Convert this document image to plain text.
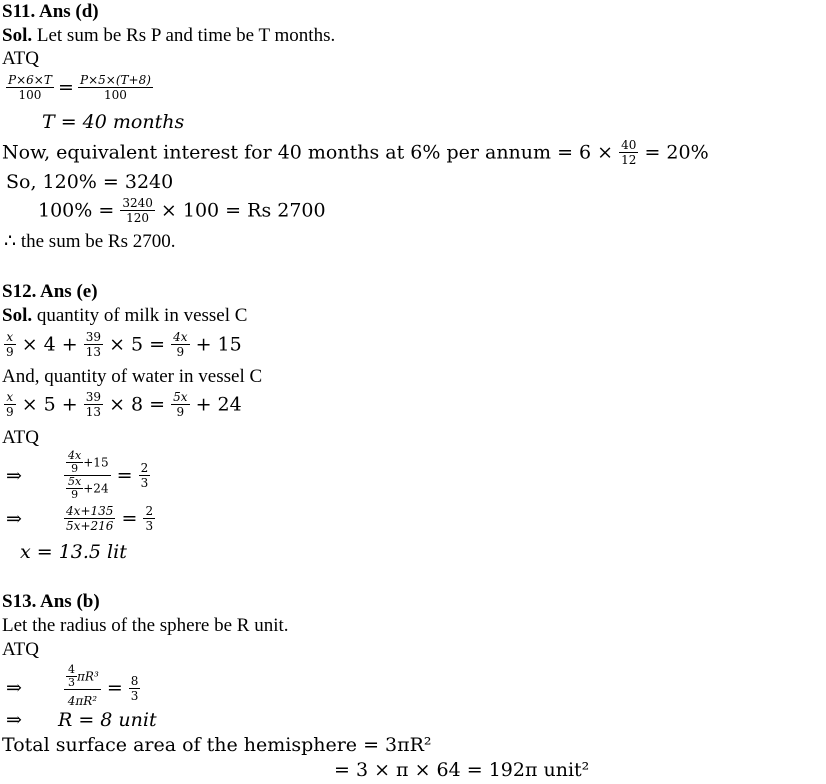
S11. Ans (d)
Sol. Let sum be Rs P and time be T months.
ATQ
$\frac{P\times 6\times T}{100} = \frac{P\times 5\times(T+8)}{100}$
T = 40 months
Now, equivalent interest for 40 months at 6% per annum = $6 \times \frac{40}{12} = 20\%$
So, 120% = 3240
$100\% = \frac{3240}{120} \times 100 = Rs$ 2700
∴ the sum be Rs 2700.
S12. Ans (e)
Sol. quantity of milk in vessel C
$\frac{x}{9} \times 4 + \frac{39}{13} \times 5 = \frac{4x}{9} + 15$
And, quantity of water in vessel C
$\frac{x}{9} \times 5 + \frac{39}{13} \times 8 = \frac{5x}{9} + 24$
ATQ
⇒	$\frac{\frac{4x}{9} +15}{\frac{5x}{9} +24} = \frac{2}{3}$
⇒	$\frac{4x+135}{5x+216} = \frac{2}{3}$
x = 13.5 lit
S13. Ans (b)
Let the radius of the sphere be R unit.
ATQ
⇒	$\frac{\frac{4}{3} \pi R^3}{\text{4πR²}} = \frac{8}{3}$
⇒ R = 8 unit
Total surface area of the hemisphere = 3πR²
= 3 × π × 64 = 192π unit²
